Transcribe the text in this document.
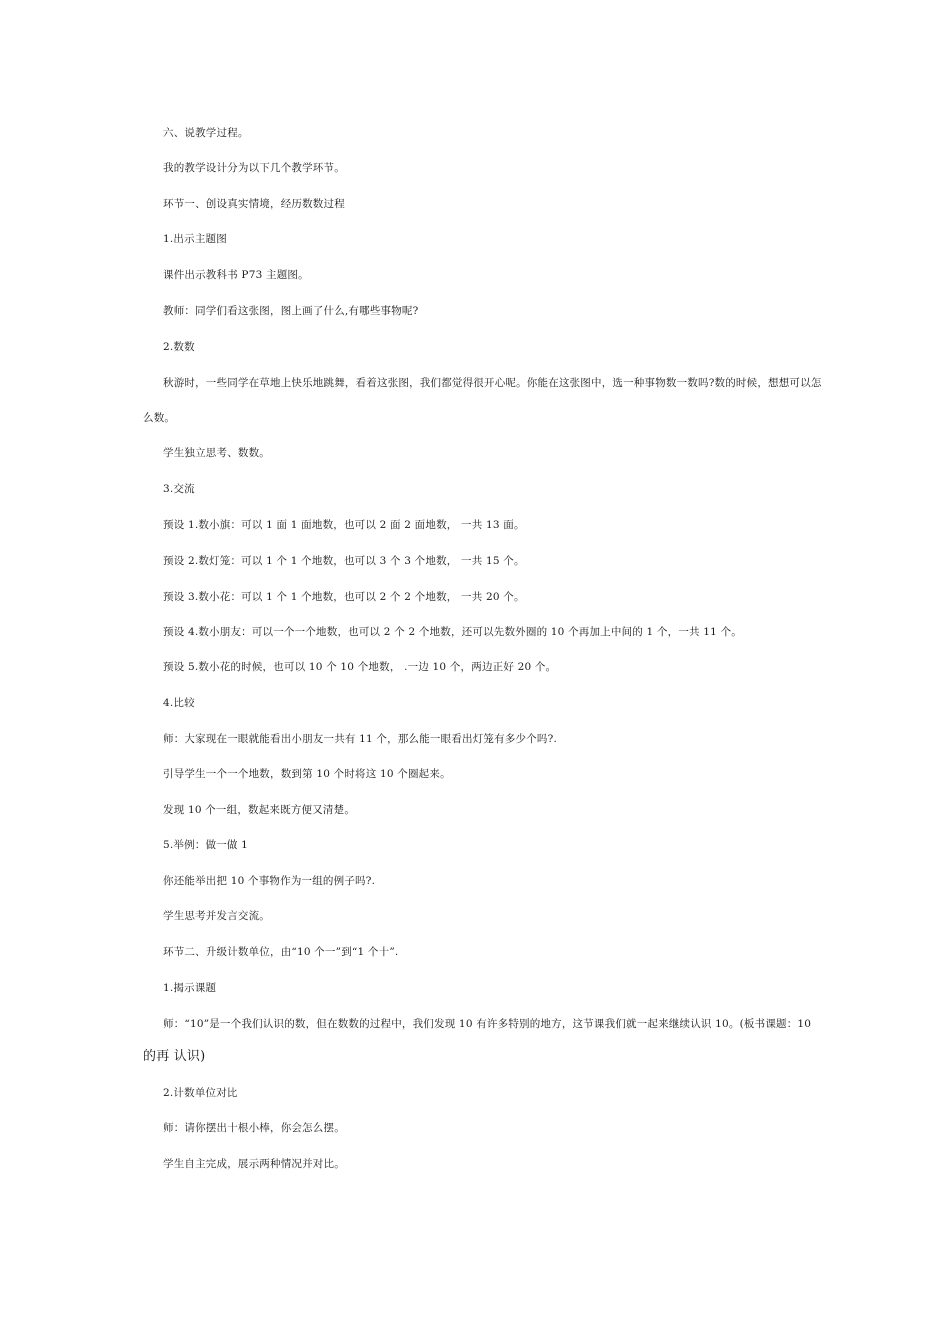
六、说教学过程。
我的教学设计分为以下几个教学环节。
环节一、创设真实情境，经历数数过程
1.出示主题图
课件出示教科书 P73 主题图。
教师：同学们看这张图，图上画了什么,有哪些事物呢?
2.数数
秋游时，一些同学在草地上快乐地跳舞，看着这张图，我们都觉得很开心呢。你能在这张图中，选一种事物数一数吗?数的时候，想想可以怎
么数。
学生独立思考、数数。
3.交流
预设 1.数小旗：可以 1 面 1 面地数，也可以 2 面 2 面地数， 一共 13 面。
预设 2.数灯笼：可以 1 个 1 个地数，也可以 3 个 3 个地数， 一共 15 个。
预设 3.数小花：可以 1 个 1 个地数，也可以 2 个 2 个地数， 一共 20 个。
预设 4.数小朋友：可以一个一个地数，也可以 2 个 2 个地数，还可以先数外圈的 10 个再加上中间的 1 个，一共 11 个。
预设 5.数小花的时候，也可以 10 个 10 个地数， .一边 10 个，两边正好 20 个。
4.比较
师：大家现在一眼就能看出小朋友一共有 11 个，那么能一眼看出灯笼有多少个吗?.
引导学生一个一个地数，数到第 10 个时将这 10 个圈起来。
发现 10 个一组，数起来既方便又清楚。
5.举例：做一做 1
你还能举出把 10 个事物作为一组的例子吗?.
学生思考并发言交流。
环节二、升级计数单位，由“10 个一”到“1 个十”.
1.揭示课题
师：“10”是一个我们认识的数，但在数数的过程中，我们发现 10 有许多特别的地方，这节课我们就一起来继续认识 10。(板书课题：10
的再 认识)
2.计数单位对比
师：请你摆出十根小棒，你会怎么摆。
学生自主完成，展示两种情况并对比。
